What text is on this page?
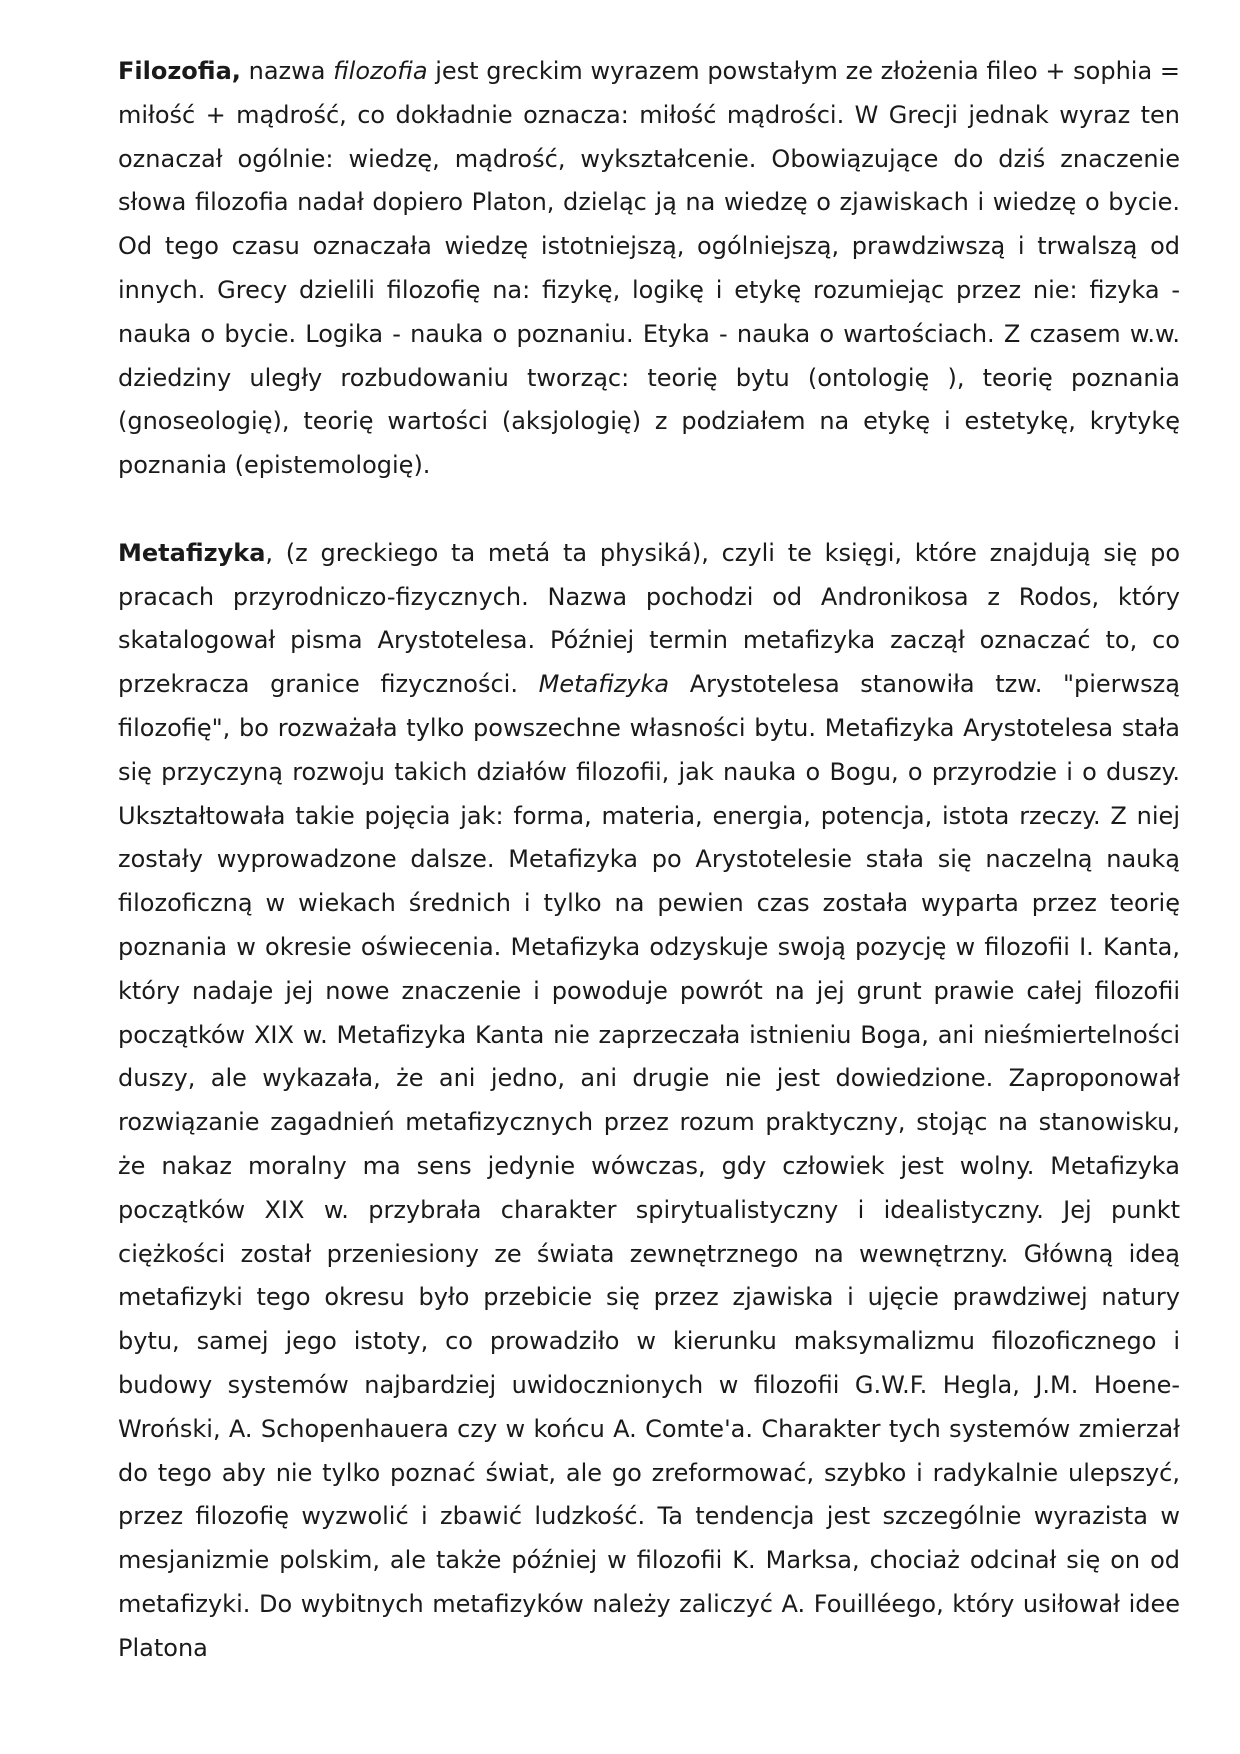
Filozofia, nazwa filozofia jest greckim wyrazem powstałym ze złożenia fileo + sophia = miłość + mądrość, co dokładnie oznacza: miłość mądrości. W Grecji jednak wyraz ten oznaczał ogólnie: wiedzę, mądrość, wykształcenie. Obowiązujące do dziś znaczenie słowa filozofia nadał dopiero Platon, dzieląc ją na wiedzę o zjawiskach i wiedzę o bycie. Od tego czasu oznaczała wiedzę istotniejszą, ogólniejszą, prawdziwszą i trwalszą od innych. Grecy dzielili filozofię na: fizykę, logikę i etykę rozumiejąc przez nie: fizyka - nauka o bycie. Logika - nauka o poznaniu. Etyka - nauka o wartościach. Z czasem w.w. dziedziny uległy rozbudowaniu tworząc: teorię bytu (ontologię ), teorię poznania (gnoseologię), teorię wartości (aksjologię) z podziałem na etykę i estetykę, krytykę poznania (epistemologię).

Metafizyka, (z greckiego ta metá ta physiká), czyli te księgi, które znajdują się po pracach przyrodniczo-fizycznych. Nazwa pochodzi od Andronikosa z Rodos, który skatalogował pisma Arystotelesa. Później termin metafizyka zaczął oznaczać to, co przekracza granice fizyczności. Metafizyka Arystotelesa stanowiła tzw. "pierwszą filozofię", bo rozważała tylko powszechne własności bytu. Metafizyka Arystotelesa stała się przyczyną rozwoju takich działów filozofii, jak nauka o Bogu, o przyrodzie i o duszy. Ukształtowała takie pojęcia jak: forma, materia, energia, potencja, istota rzeczy. Z niej zostały wyprowadzone dalsze. Metafizyka po Arystotelesie stała się naczelną nauką filozoficzną w wiekach średnich i tylko na pewien czas została wyparta przez teorię poznania w okresie oświecenia. Metafizyka odzyskuje swoją pozycję w filozofii I. Kanta, który nadaje jej nowe znaczenie i powoduje powrót na jej grunt prawie całej filozofii początków XIX w. Metafizyka Kanta nie zaprzeczała istnieniu Boga, ani nieśmiertelności duszy, ale wykazała, że ani jedno, ani drugie nie jest dowiedzione. Zaproponował rozwiązanie zagadnień metafizycznych przez rozum praktyczny, stojąc na stanowisku, że nakaz moralny ma sens jedynie wówczas, gdy człowiek jest wolny. Metafizyka początków XIX w. przybrała charakter spirytualistyczny i idealistyczny. Jej punkt ciężkości został przeniesiony ze świata zewnętrznego na wewnętrzny. Główną ideą metafizyki tego okresu było przebicie się przez zjawiska i ujęcie prawdziwej natury bytu, samej jego istoty, co prowadziło w kierunku maksymalizmu filozoficznego i budowy systemów najbardziej uwidocznionych w filozofii G.W.F. Hegla, J.M. Hoene-Wroński, A. Schopenhauera czy w końcu A. Comte'a. Charakter tych systemów zmierzał do tego aby nie tylko poznać świat, ale go zreformować, szybko i radykalnie ulepszyć, przez filozofię wyzwolić i zbawić ludzkość. Ta tendencja jest szczególnie wyrazista w mesjanizmie polskim, ale także później w filozofii K. Marksa, chociaż odcinał się on od metafizyki. Do wybitnych metafizyków należy zaliczyć A. Fouilléego, który usiłował idee Platona
